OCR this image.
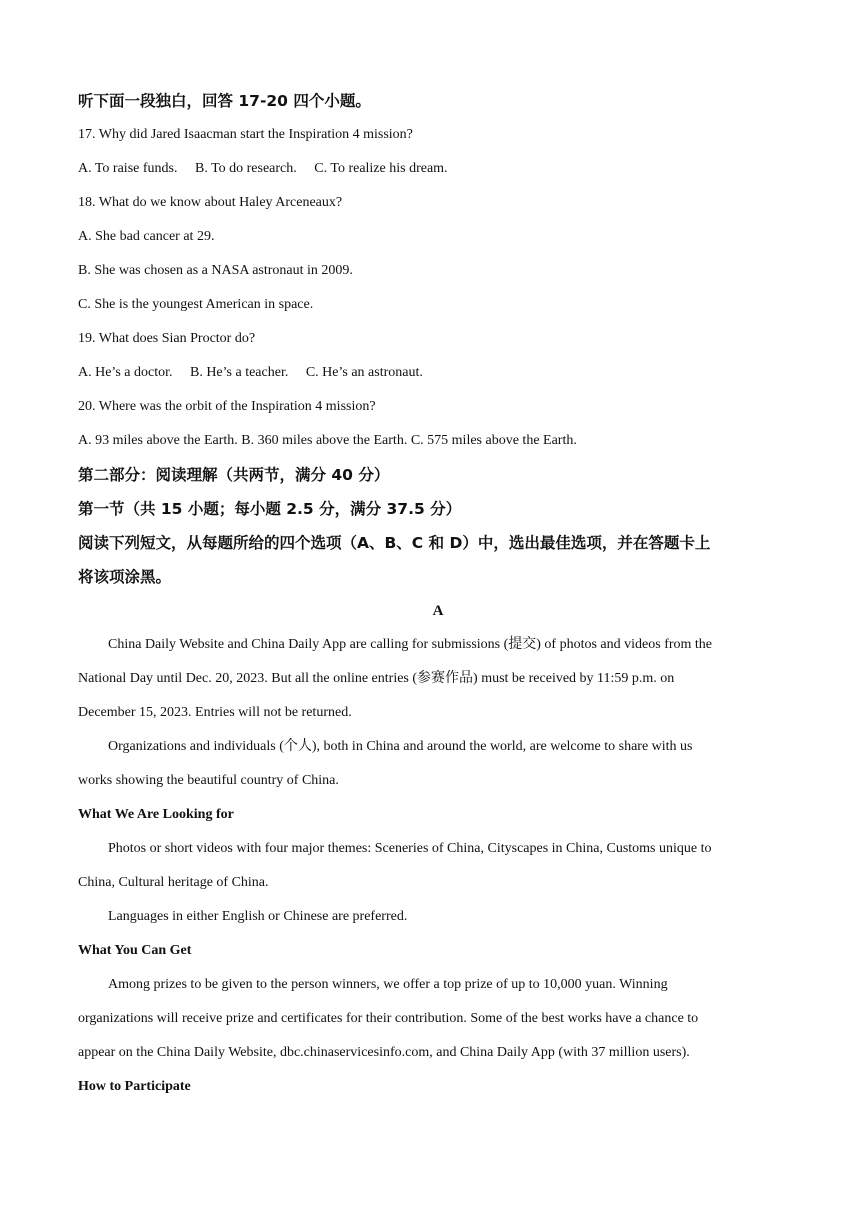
听下面一段独白，回答 17-20 四个小题。
17. Why did Jared Isaacman start the Inspiration 4 mission?
A. To raise funds. B. To do research. C. To realize his dream.
18. What do we know about Haley Arceneaux?
A. She bad cancer at 29.
B. She was chosen as a NASA astronaut in 2009.
C. She is the youngest American in space.
19. What does Sian Proctor do?
A. He’s a doctor. B. He’s a teacher. C. He’s an astronaut.
20. Where was the orbit of the Inspiration 4 mission?
A. 93 miles above the Earth. B. 360 miles above the Earth. C. 575 miles above the Earth.
第二部分：阅读理解（共两节，满分 40 分）
第一节（共 15 小题；每小题 2.5 分，满分 37.5 分）
阅读下列短文，从每题所给的四个选项（A、B、C 和 D）中，选出最佳选项，并在答题卡上
将该项涂黑。
A
China Daily Website and China Daily App are calling for submissions (提交) of photos and videos from the
National Day until Dec. 20, 2023. But all the online entries (参赛作品) must be received by 11:59 p.m. on
December 15, 2023. Entries will not be returned.
Organizations and individuals (个人), both in China and around the world, are welcome to share with us
works showing the beautiful country of China.
What We Are Looking for
Photos or short videos with four major themes: Sceneries of China, Cityscapes in China, Customs unique to
China, Cultural heritage of China.
Languages in either English or Chinese are preferred.
What You Can Get
Among prizes to be given to the person winners, we offer a top prize of up to 10,000 yuan. Winning
organizations will receive prize and certificates for their contribution. Some of the best works have a chance to
appear on the China Daily Website, dbc.chinaservicesinfo.com, and China Daily App (with 37 million users).
How to Participate
